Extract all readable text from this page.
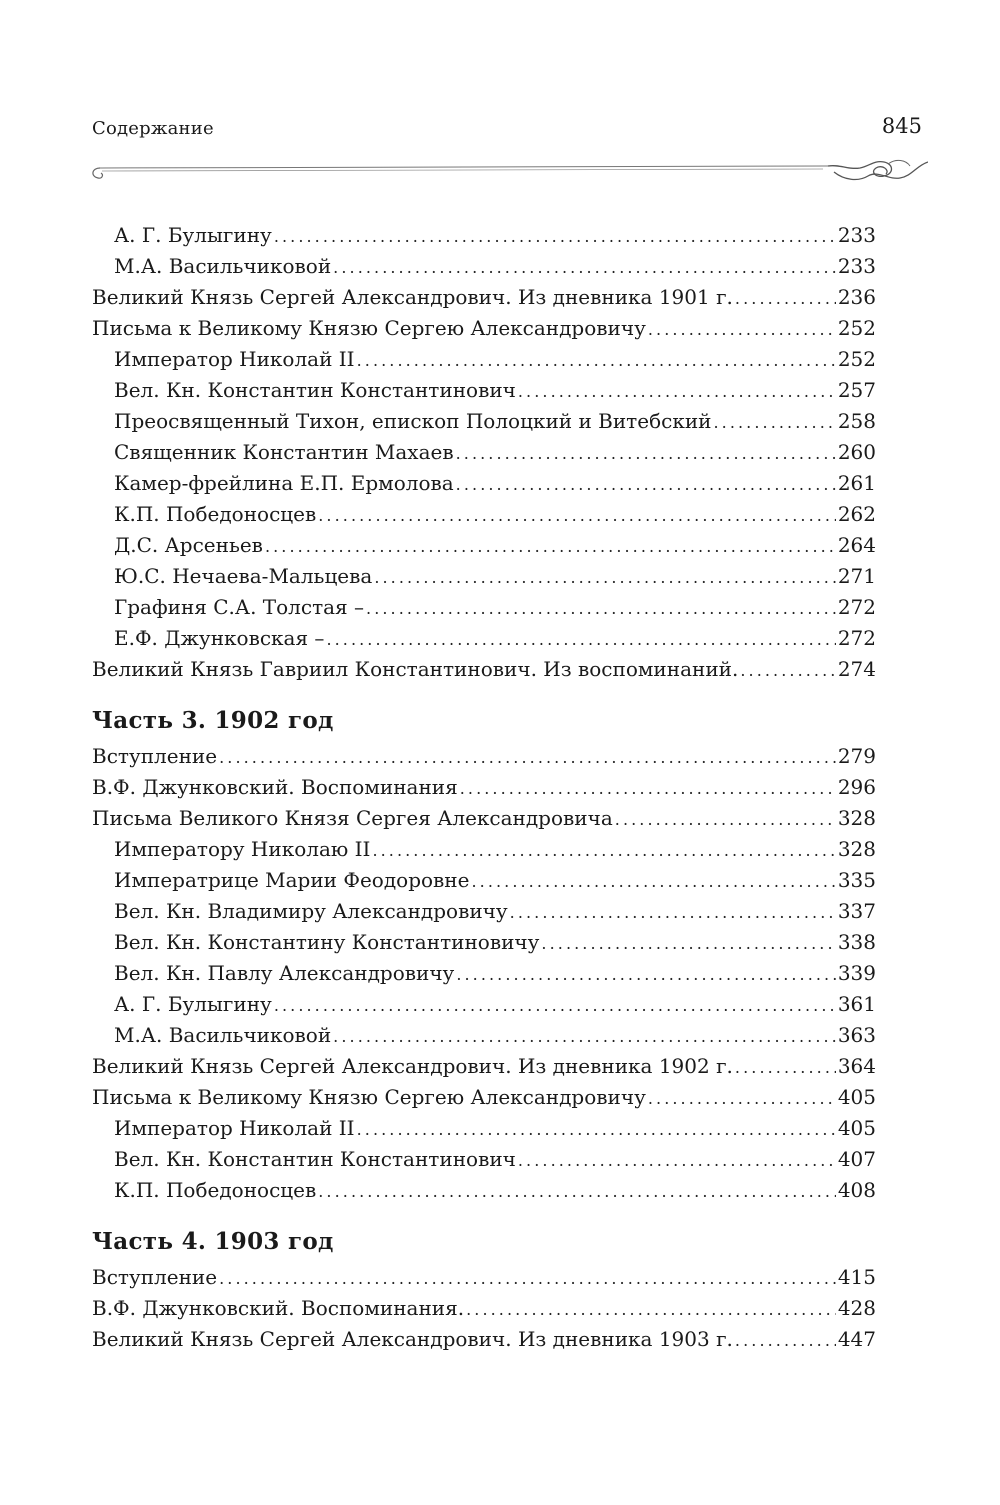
Содержание	845
А. Г. Булыгину . . .	233
М.А. Васильчиковой . . .	233
Великий Князь Сергей Александрович. Из дневника 1901 г. . . .	236
Письма к Великому Князю Сергею Александровичу . . .	252
Император Николай II . . .	252
Вел. Кн. Константин Константинович . . .	257
Преосвященный Тихон, епископ Полоцкий и Витебский . . .	258
Священник Константин Махаев . . .	260
Камер-фрейлина Е.П. Ермолова . . .	261
К.П. Победоносцев . . .	262
Д.С. Арсеньев . . .	264
Ю.С. Нечаева-Мальцева . . .	271
Графиня С.А. Толстая – . . .	272
Е.Ф. Джунковская – . . .	272
Великий Князь Гавриил Константинович. Из воспоминаний. . . .	274
Часть 3. 1902 год
Вступление . . .	279
В.Ф. Джунковский. Воспоминания . . .	296
Письма Великого Князя Сергея Александровича . . .	328
Императору Николаю II . . .	328
Императрице Марии Феодоровне . . .	335
Вел. Кн. Владимиру Александровичу . . .	337
Вел. Кн. Константину Константиновичу . . .	338
Вел. Кн. Павлу Александровичу . . .	339
А. Г. Булыгину . . .	361
М.А. Васильчиковой . . .	363
Великий Князь Сергей Александрович. Из дневника 1902 г. . . .	364
Письма к Великому Князю Сергею Александровичу . . .	405
Император Николай II . . .	405
Вел. Кн. Константин Константинович . . .	407
К.П. Победоносцев . . .	408
Часть 4. 1903 год
Вступление . . .	415
В.Ф. Джунковский. Воспоминания. . . .	428
Великий Князь Сергей Александрович. Из дневника 1903 г. . . .	447
